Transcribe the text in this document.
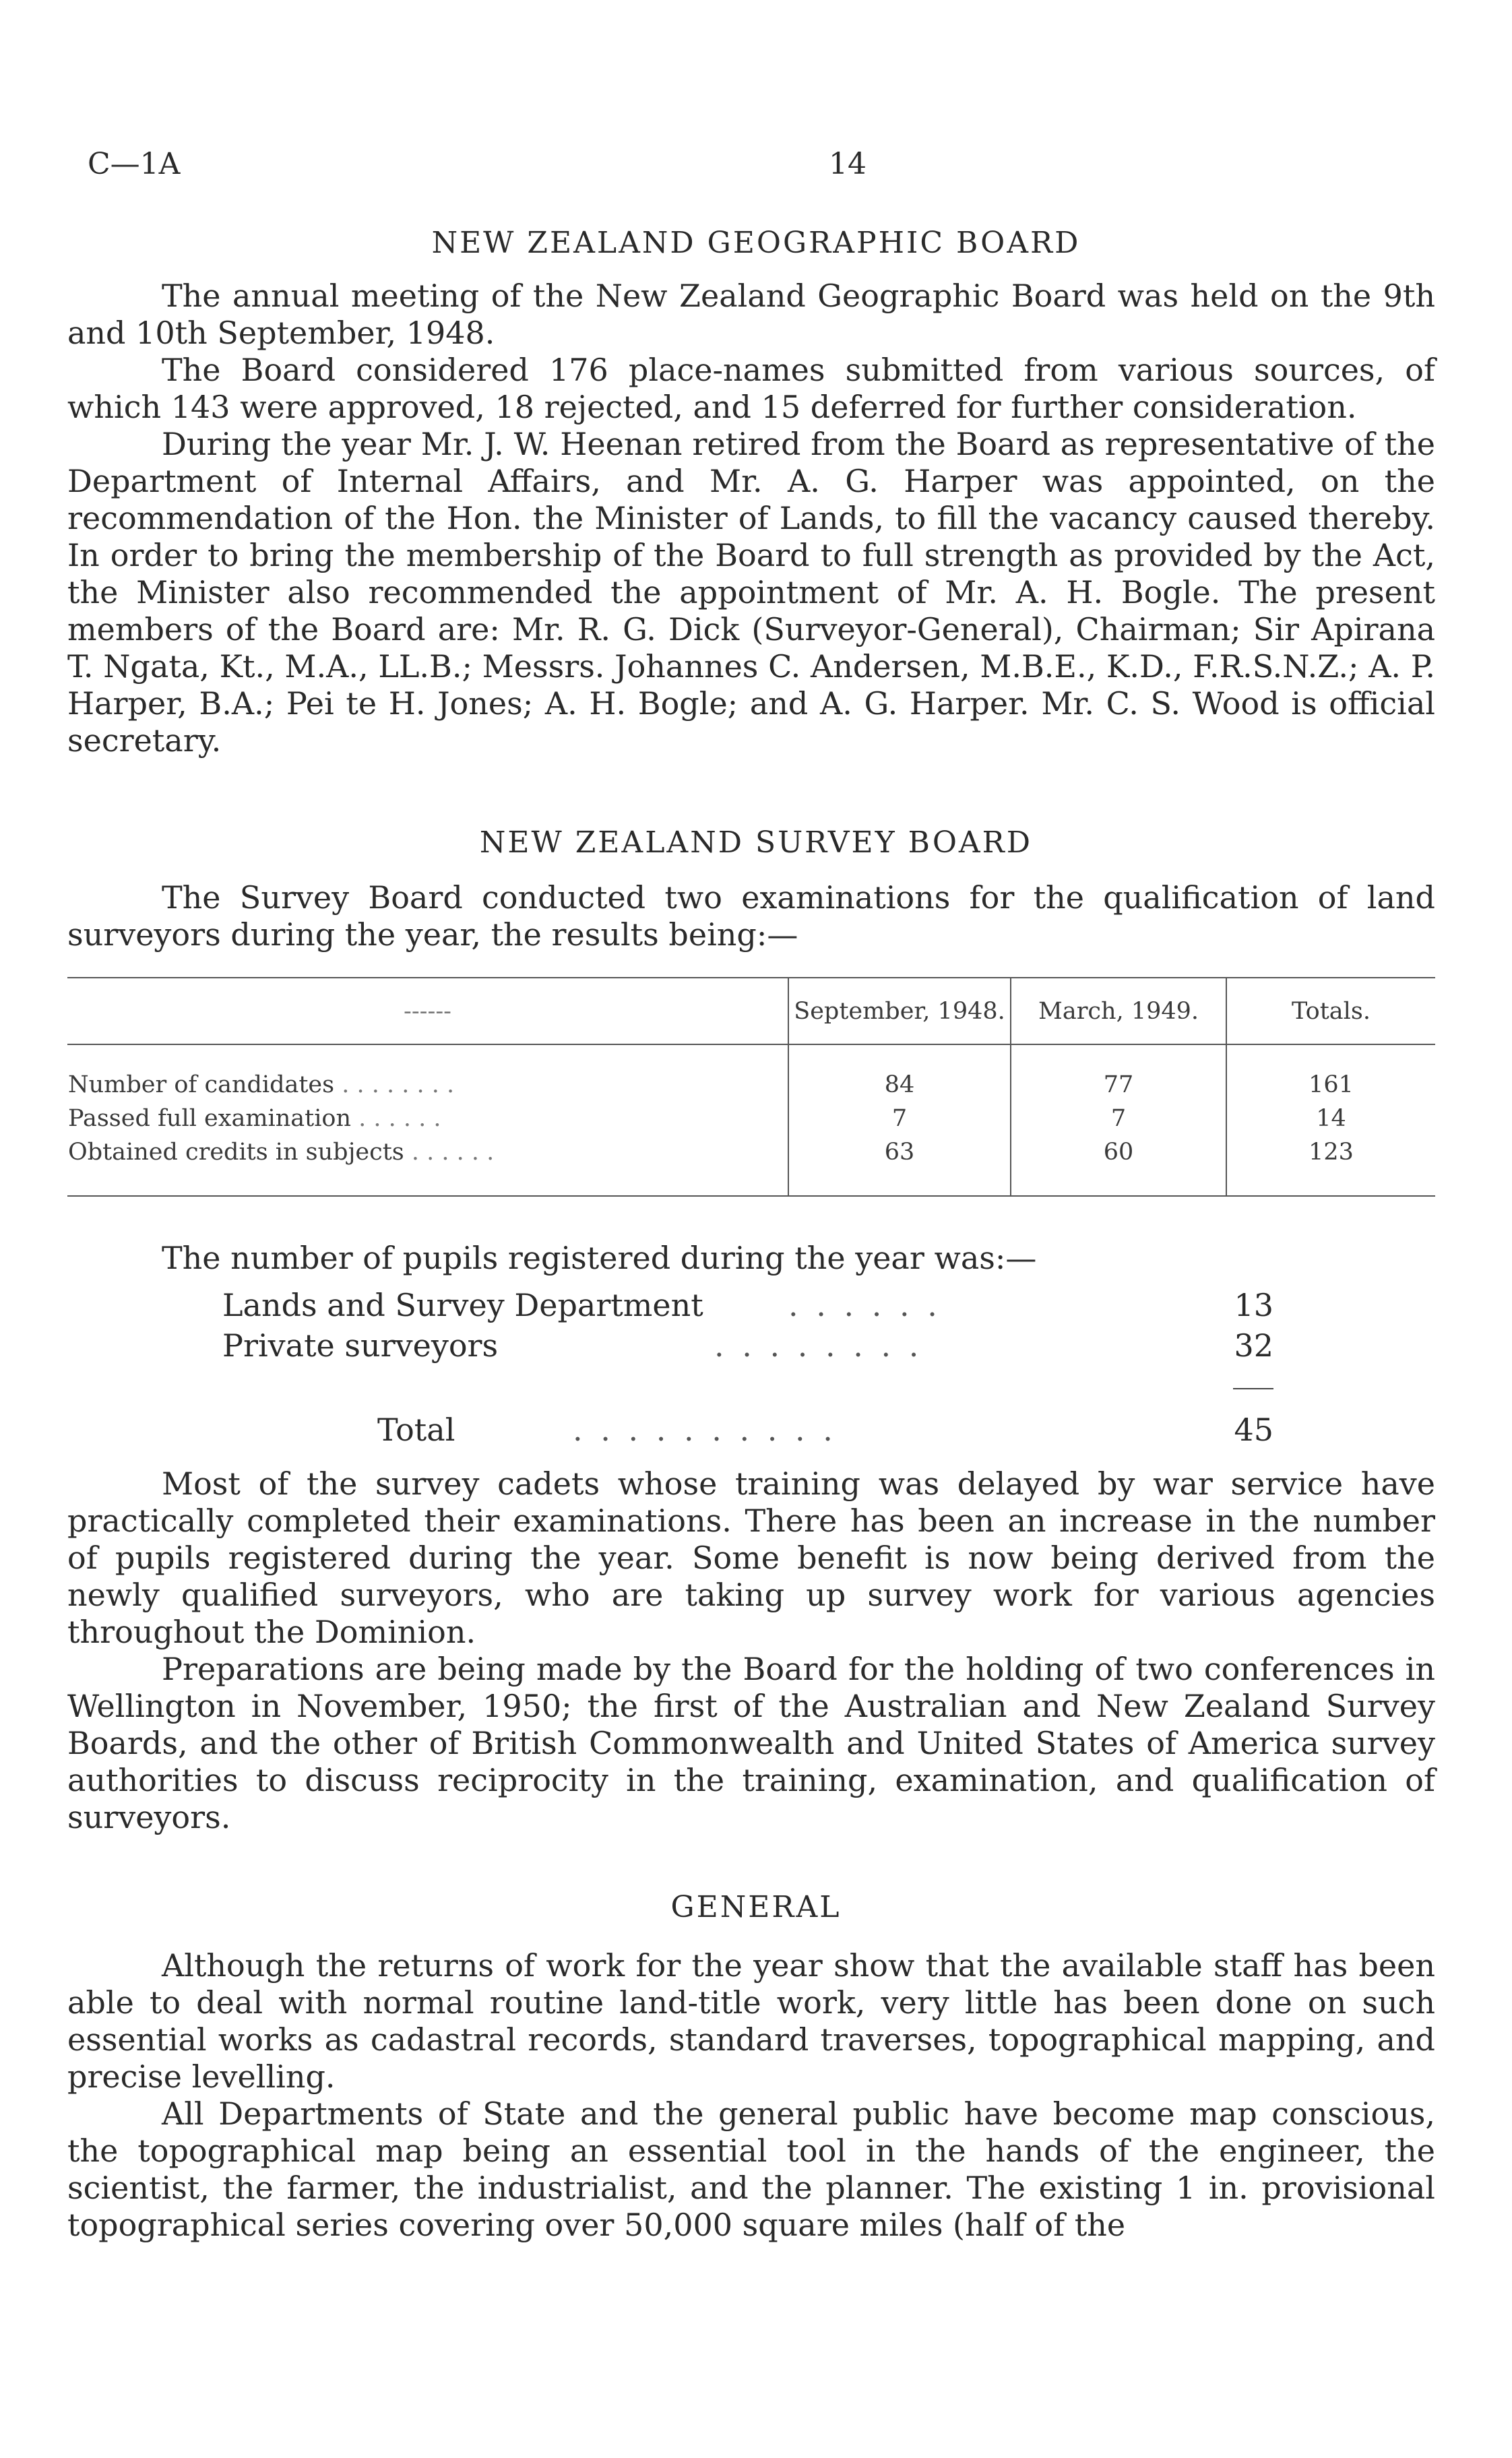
C—1A	14
NEW ZEALAND GEOGRAPHIC BOARD

The annual meeting of the New Zealand Geographic Board was held on the 9th and 10th September, 1948.

The Board considered 176 place-names submitted from various sources, of which 143 were approved, 18 rejected, and 15 deferred for further consideration.

During the year Mr. J. W. Heenan retired from the Board as representative of the Department of Internal Affairs, and Mr. A. G. Harper was appointed, on the recommendation of the Hon. the Minister of Lands, to fill the vacancy caused thereby. In order to bring the membership of the Board to full strength as provided by the Act, the Minister also recommended the appointment of Mr. A. H. Bogle. The present members of the Board are: Mr. R. G. Dick (Surveyor-General), Chairman; Sir Apirana T. Ngata, Kt., M.A., LL.B.; Messrs. Johannes C. Andersen, M.B.E., K.D., F.R.S.N.Z.; A. P. Harper, B.A.; Pei te H. Jones; A. H. Bogle; and A. G. Harper. Mr. C. S. Wood is official secretary.

NEW ZEALAND SURVEY BOARD

The Survey Board conducted two examinations for the qualification of land surveyors during the year, the results being:—

------	September, 1948.	March, 1949.	Totals.
Number of candidates . . . . . . . .	84	77	161
Passed full examination . . . . . .	7	7	14
Obtained credits in subjects . . . . . .	63	60	123

The number of pupils registered during the year was:—

Lands and Survey Department	. . . . . .	13
Private surveyors	. . . . . . . .	32
Total	. . . . . . . . . .	45

Most of the survey cadets whose training was delayed by war service have practically completed their examinations. There has been an increase in the number of pupils registered during the year. Some benefit is now being derived from the newly qualified surveyors, who are taking up survey work for various agencies throughout the Dominion.

Preparations are being made by the Board for the holding of two conferences in Wellington in November, 1950; the first of the Australian and New Zealand Survey Boards, and the other of British Commonwealth and United States of America survey authorities to discuss reciprocity in the training, examination, and qualification of surveyors.

GENERAL

Although the returns of work for the year show that the available staff has been able to deal with normal routine land-title work, very little has been done on such essential works as cadastral records, standard traverses, topographical mapping, and precise levelling.

All Departments of State and the general public have become map conscious, the topographical map being an essential tool in the hands of the engineer, the scientist, the farmer, the industrialist, and the planner. The existing 1 in. provisional topographical series covering over 50,000 square miles (half of the
